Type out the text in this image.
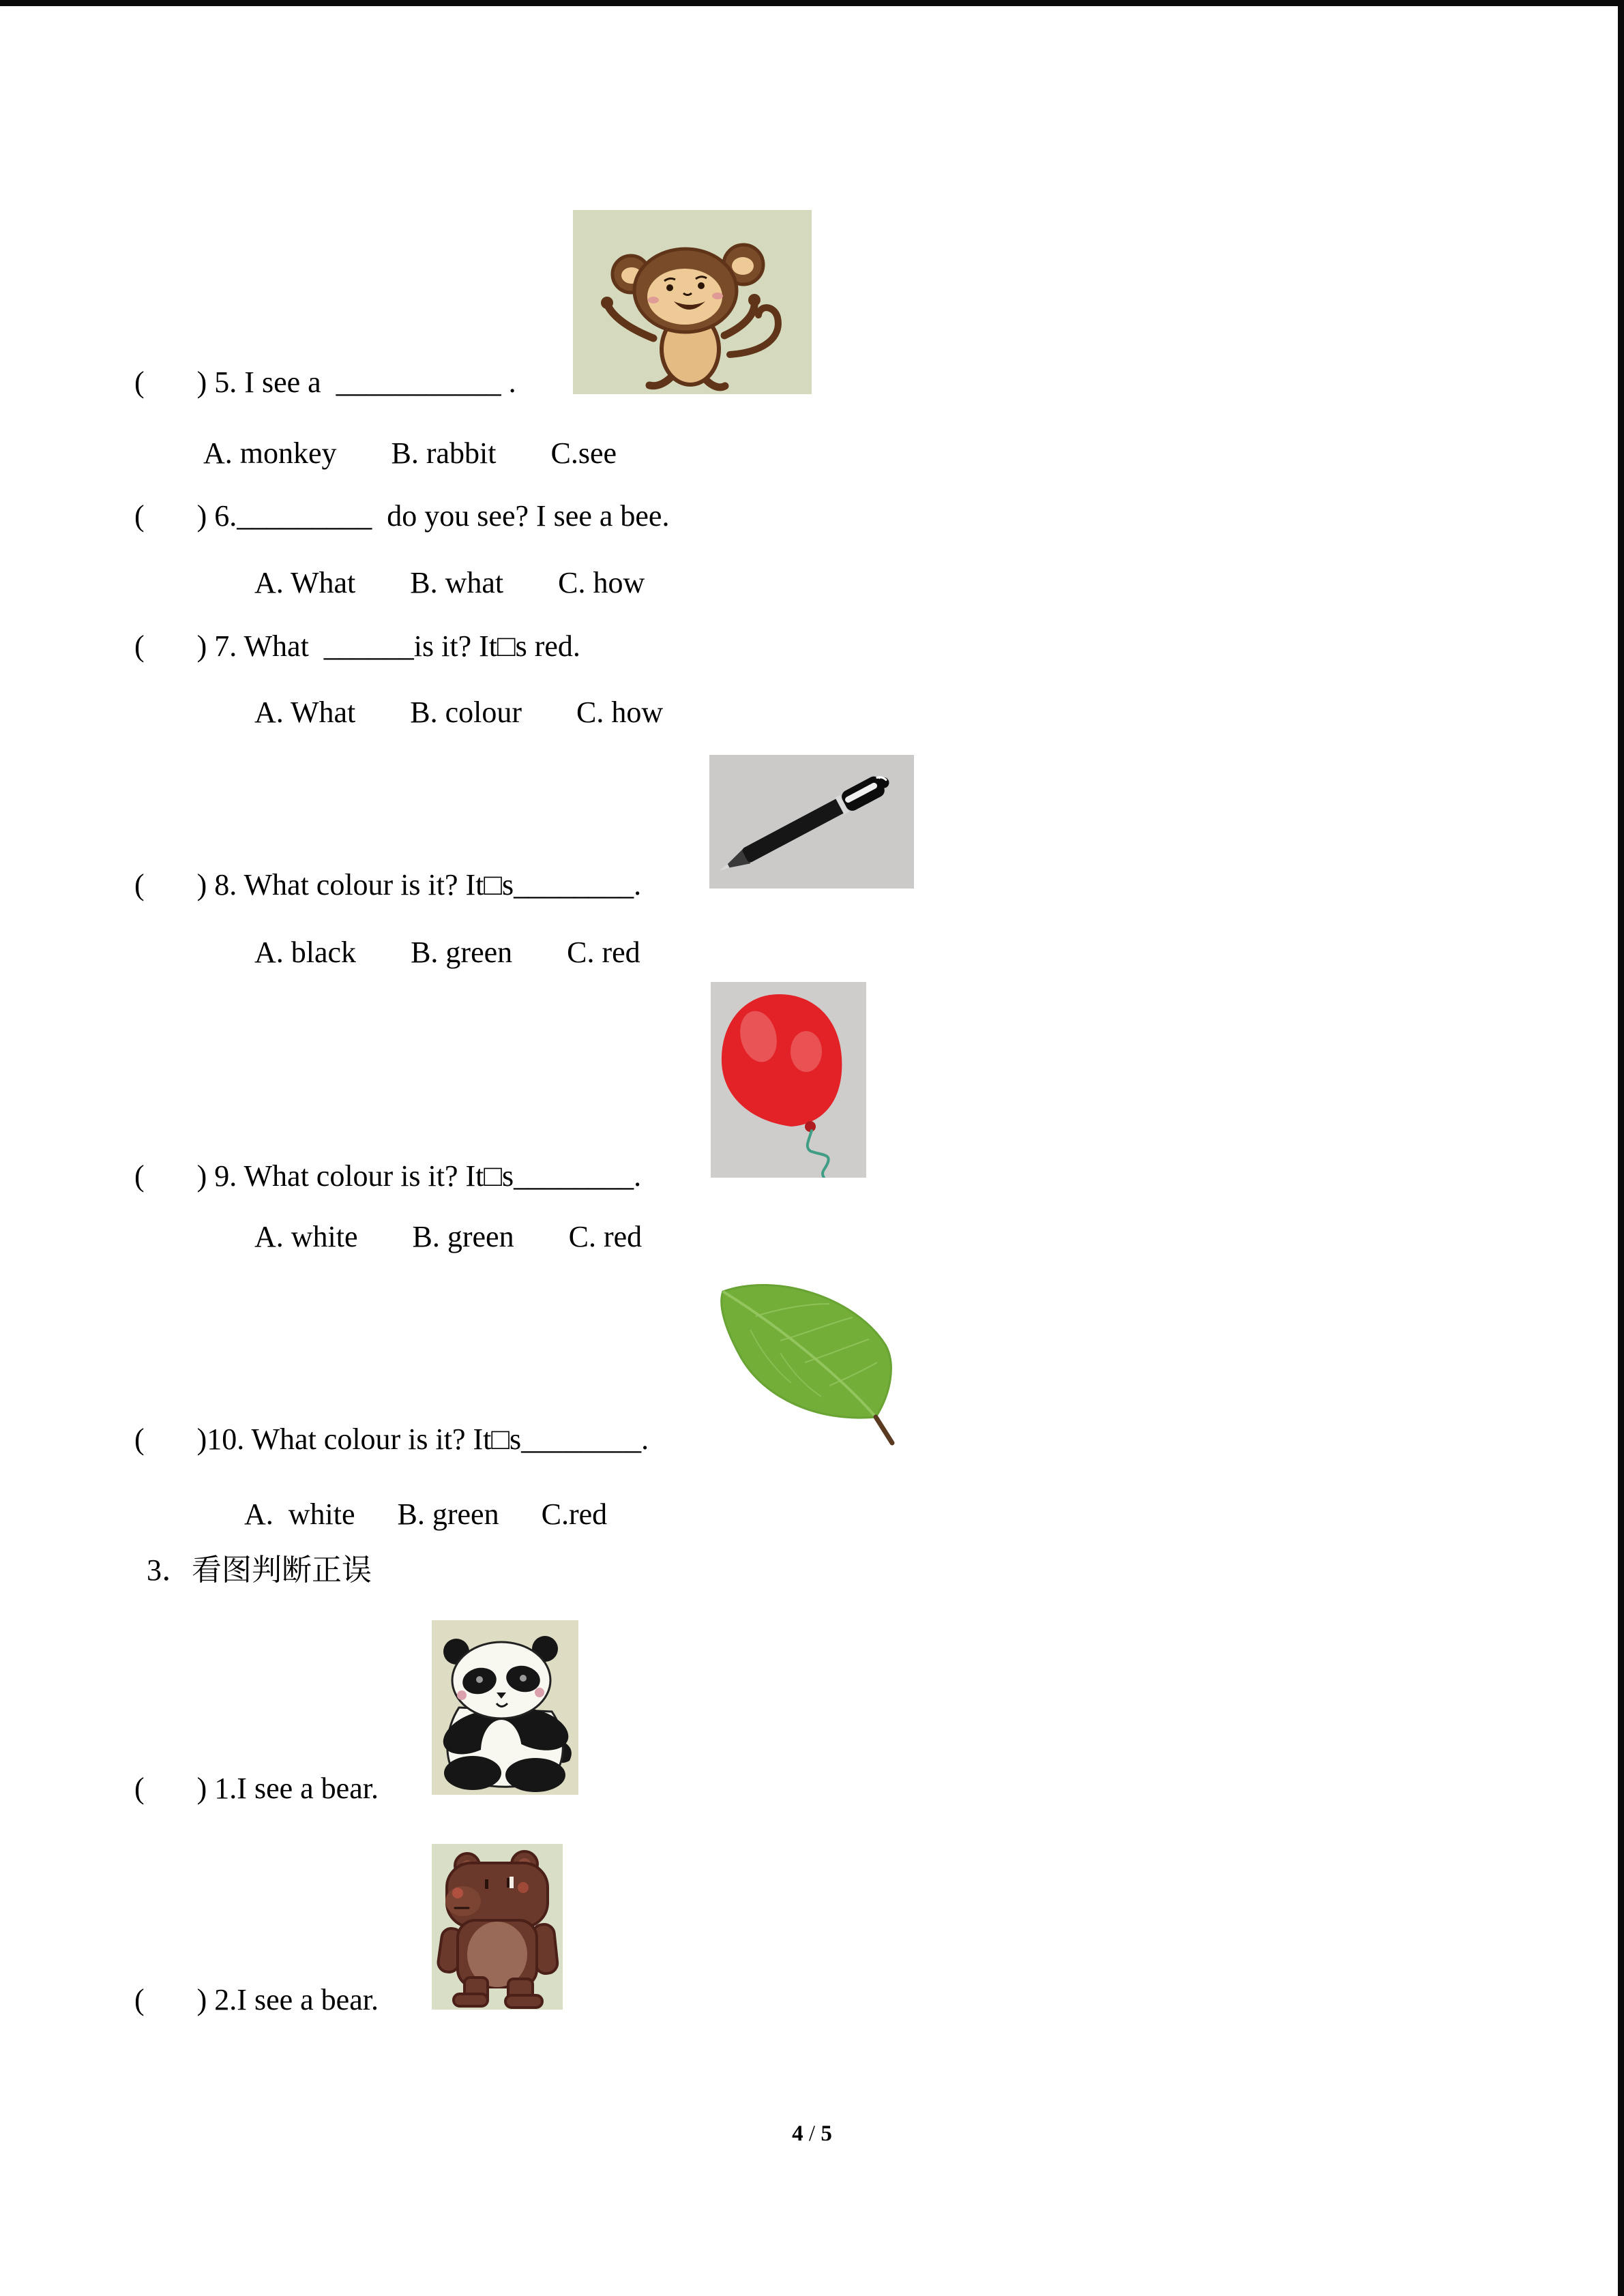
(       ) 5. I see a  ___________ .
A. monkey B. rabbit C.see
(       ) 6._________  do you see? I see a bee.
A. What B. what C. how
(       ) 7. What  ______is it? It□s red.
A. What B. colour C. how
(       ) 8. What colour is it? It□s________.
A. black B. green C. red
(       ) 9. What colour is it? It□s________.
A. white B. green C. red
(       )10. What colour is it? It□s________.
A.  white B. green C.red
3．看图判断正误
(       ) 1.I see a bear.
(       ) 2.I see a bear.
4 / 5
